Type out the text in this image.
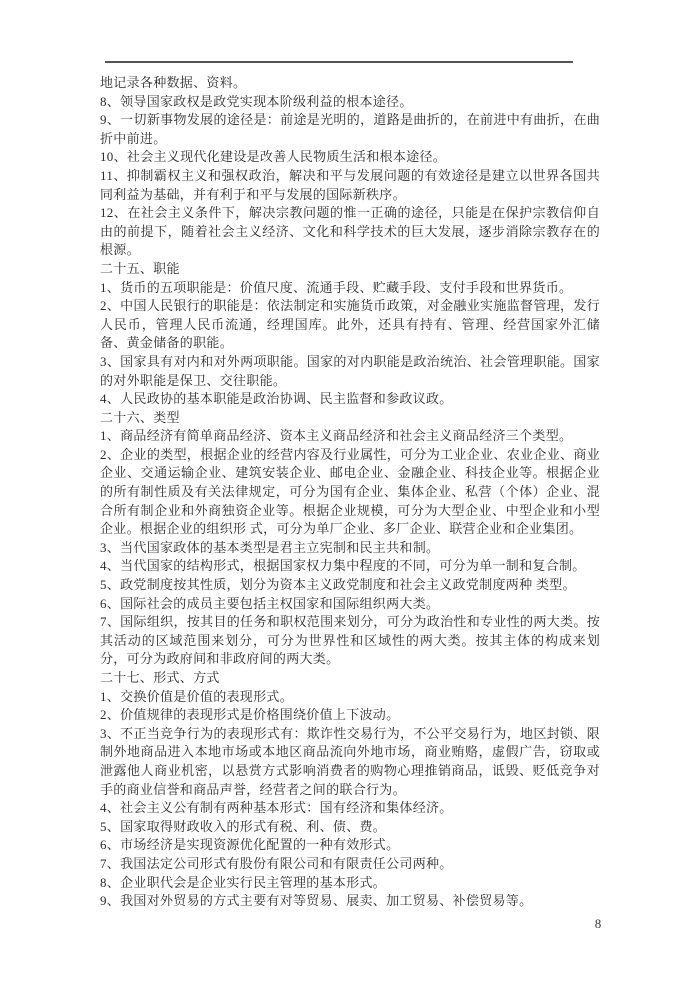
地记录各种数据、资料。

8、领导国家政权是政党实现本阶级利益的根本途径。

9、一切新事物发展的途径是：前途是光明的，道路是曲折的，在前进中有曲折，在曲折中前进。

10、社会主义现代化建设是改善人民物质生活和根本途径。

11、抑制霸权主义和强权政治，解决和平与发展问题的有效途径是建立以世界各国共同利益为基础，并有利于和平与发展的国际新秩序。

12、在社会主义条件下，解决宗教问题的惟一正确的途径，只能是在保护宗教信仰自由的前提下，随着社会主义经济、文化和科学技术的巨大发展，逐步消除宗教存在的根源。

二十五、职能

1、货币的五项职能是：价值尺度、流通手段、贮藏手段、支付手段和世界货币。

2、中国人民银行的职能是：依法制定和实施货币政策，对金融业实施监督管理，发行人民币，管理人民币流通，经理国库。此外，还具有持有、管理、经营国家外汇储备、黄金储备的职能。

3、国家具有对内和对外两项职能。国家的对内职能是政治统治、社会管理职能。国家的对外职能是保卫、交往职能。

4、人民政协的基本职能是政治协调、民主监督和参政议政。

二十六、类型

1、商品经济有简单商品经济、资本主义商品经济和社会主义商品经济三个类型。

2、企业的类型，根据企业的经营内容及行业属性，可分为工业企业、农业企业、商业企业、交通运输企业、建筑安装企业、邮电企业、金融企业、科技企业等。根据企业的所有制性质及有关法律规定，可分为国有企业、集体企业、私营（个体）企业、混合所有制企业和外商独资企业等。根据企业规模，可分为大型企业、中型企业和小型企业。根据企业的组织形 式，可分为单厂企业、多厂企业、联营企业和企业集团。

3、当代国家政体的基本类型是君主立宪制和民主共和制。

4、当代国家的结构形式，根据国家权力集中程度的不同，可分为单一制和复合制。

5、政党制度按其性质，划分为资本主义政党制度和社会主义政党制度两种 类型。

6、国际社会的成员主要包括主权国家和国际组织两大类。

7、国际组织，按其目的任务和职权范围来划分，可分为政治性和专业性的两大类。按其活动的区域范围来划分，可分为世界性和区域性的两大类。按其主体的构成来划分，可分为政府间和非政府间的两大类。

二十七、形式、方式

1、交换价值是价值的表现形式。

2、价值规律的表现形式是价格围绕价值上下波动。

3、不正当竞争行为的表现形式有：欺诈性交易行为，不公平交易行为，地区封锁、限制外地商品进入本地市场或本地区商品流向外地市场，商业贿赂，虚假广告，窃取或泄露他人商业机密，以悬赏方式影响消费者的购物心理推销商品，诋毁、贬低竞争对手的商业信誉和商品声誉，经营者之间的联合行为。

4、社会主义公有制有两种基本形式：国有经济和集体经济。

5、国家取得财政收入的形式有税、利、债、费。

6、市场经济是实现资源优化配置的一种有效形式。

7、我国法定公司形式有股份有限公司和有限责任公司两种。

8、企业职代会是企业实行民主管理的基本形式。

9、我国对外贸易的方式主要有对等贸易、展卖、加工贸易、补偿贸易等。

8
